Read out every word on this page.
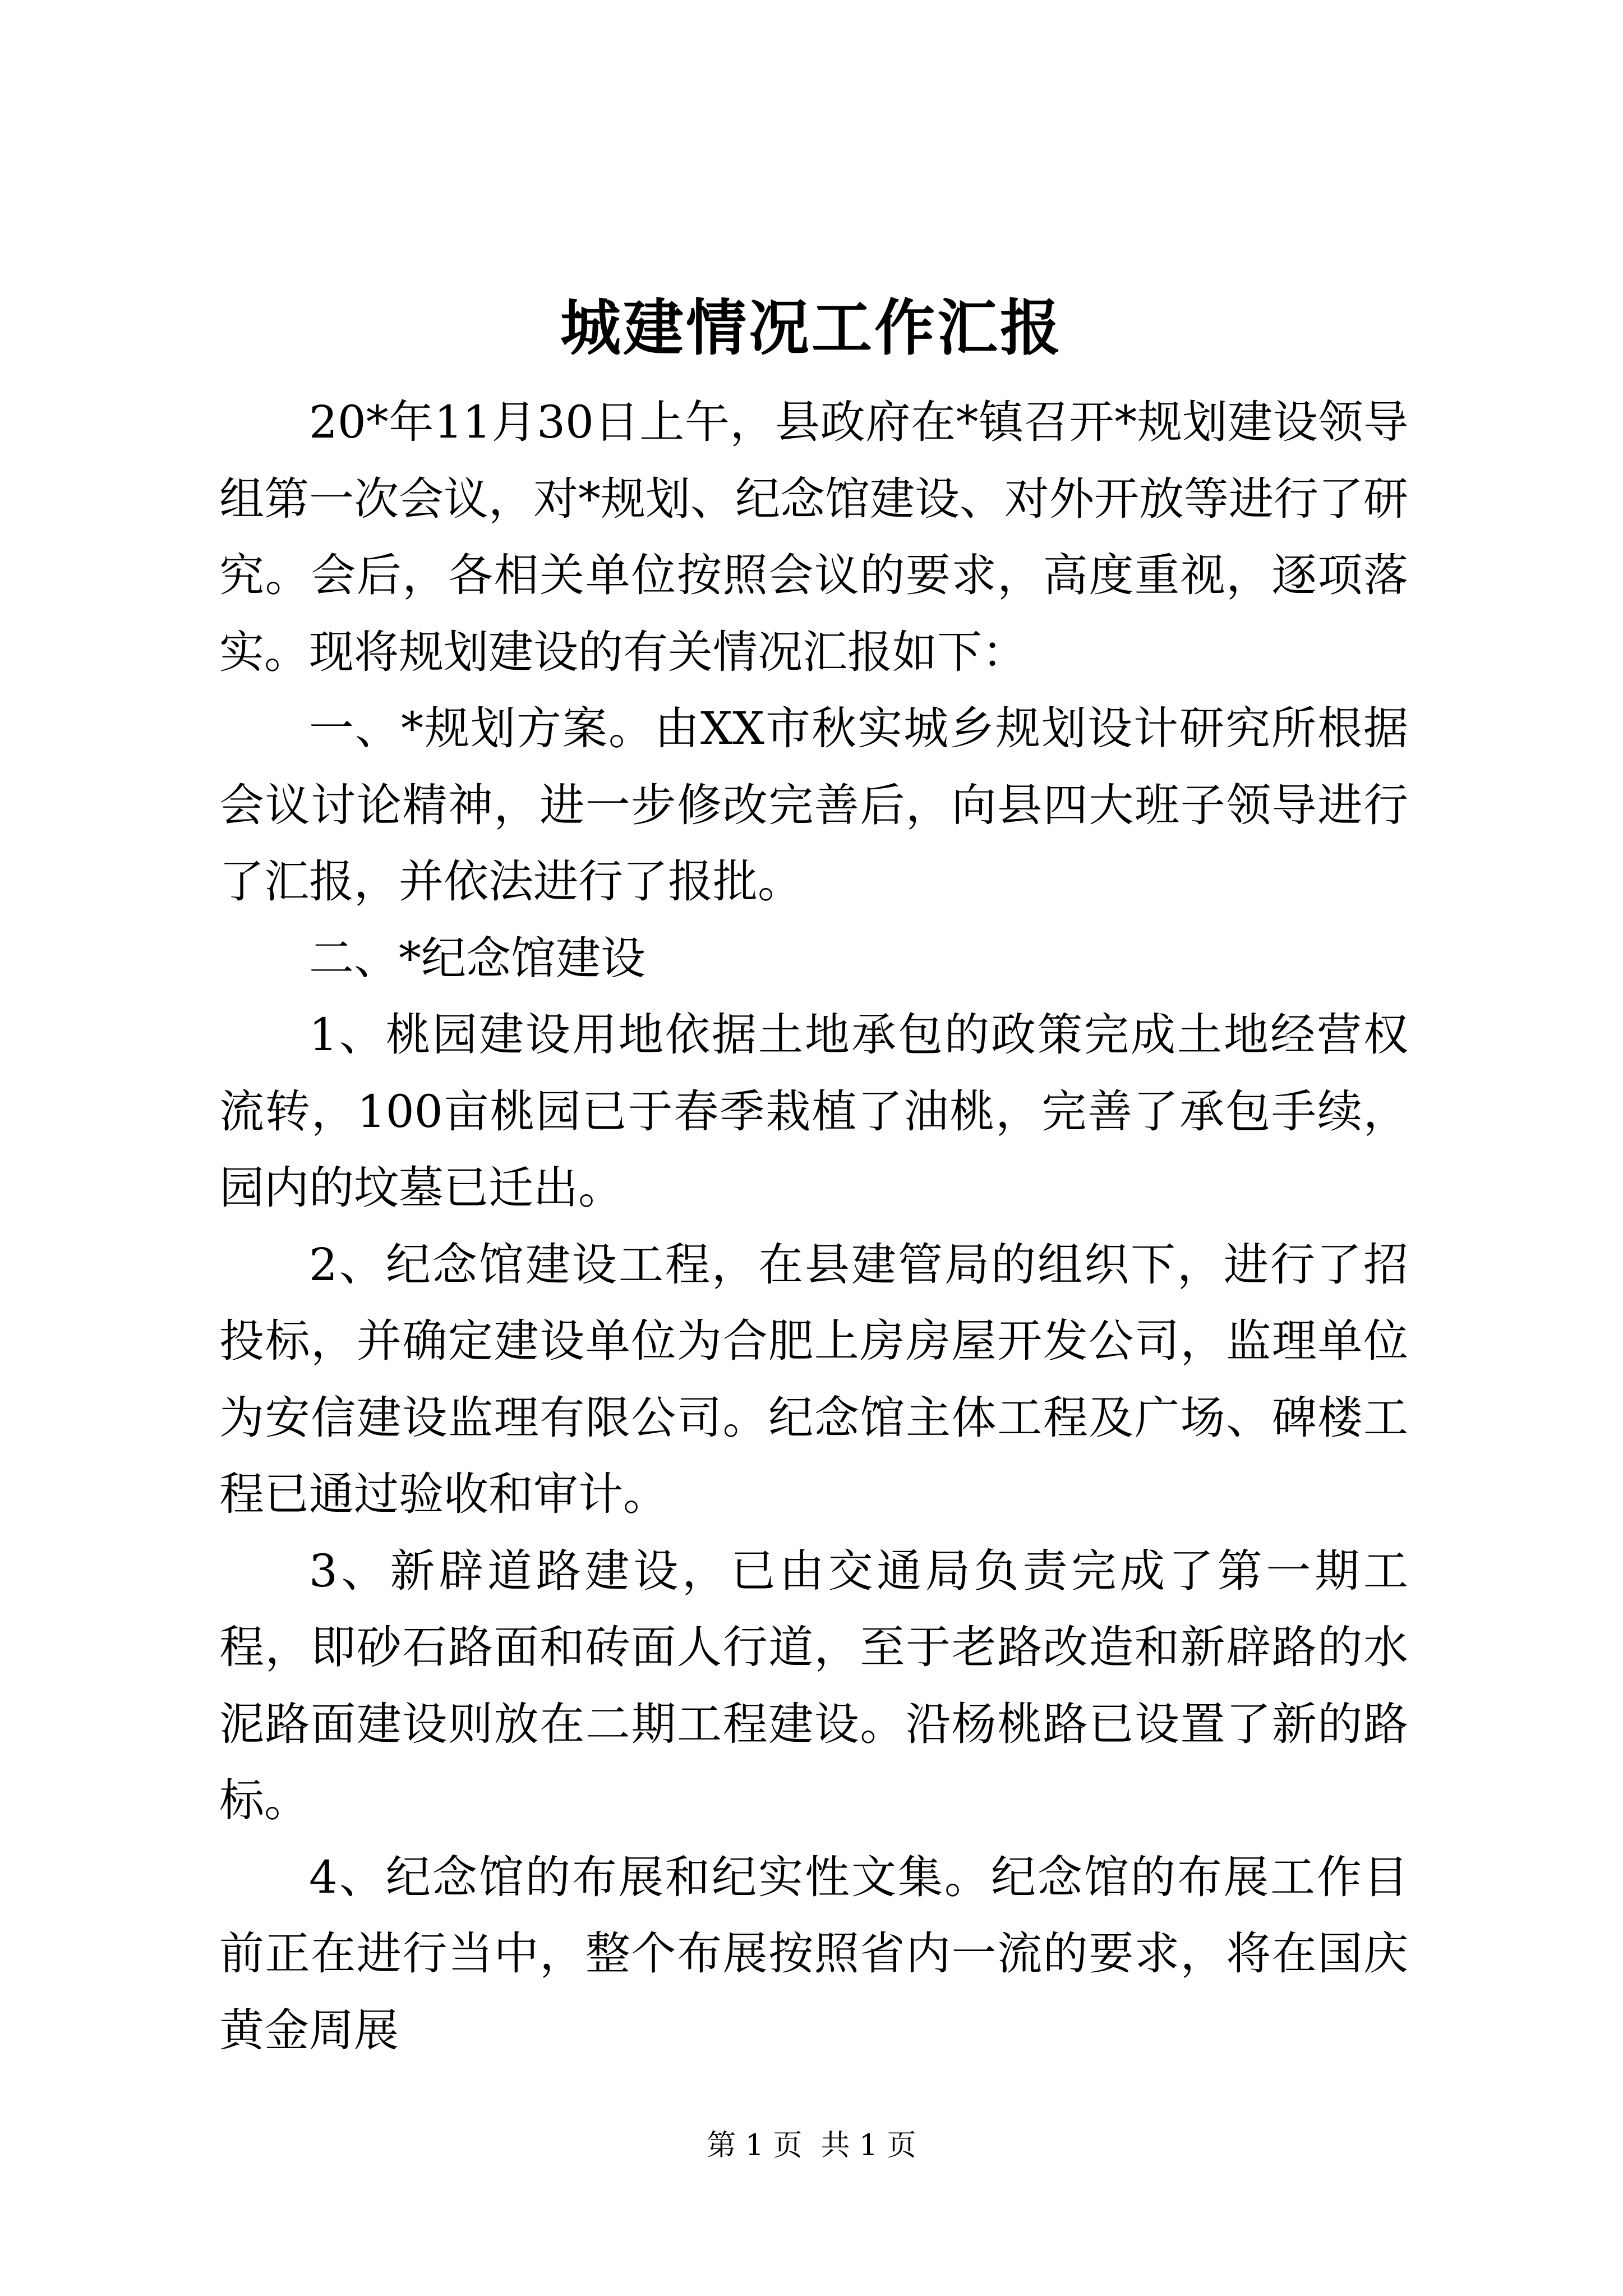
城建情况工作汇报

20*年11月30日上午，县政府在*镇召开*规划建设领导组第一次会议，对*规划、纪念馆建设、对外开放等进行了研究。会后，各相关单位按照会议的要求，高度重视，逐项落实。现将规划建设的有关情况汇报如下：

一、*规划方案。由XX市秋实城乡规划设计研究所根据会议讨论精神，进一步修改完善后，向县四大班子领导进行了汇报，并依法进行了报批。

二、*纪念馆建设

1、桃园建设用地依据土地承包的政策完成土地经营权流转，100亩桃园已于春季栽植了油桃，完善了承包手续，园内的坟墓已迁出。

2、纪念馆建设工程，在县建管局的组织下，进行了招投标，并确定建设单位为合肥上房房屋开发公司，监理单位为安信建设监理有限公司。纪念馆主体工程及广场、碑楼工程已通过验收和审计。

3、新辟道路建设，已由交通局负责完成了第一期工程，即砂石路面和砖面人行道，至于老路改造和新辟路的水泥路面建设则放在二期工程建设。沿杨桃路已设置了新的路标。

4、纪念馆的布展和纪实性文集。纪念馆的布展工作目前正在进行当中，整个布展按照省内一流的要求，将在国庆黄金周展

第 1 页  共 1 页
